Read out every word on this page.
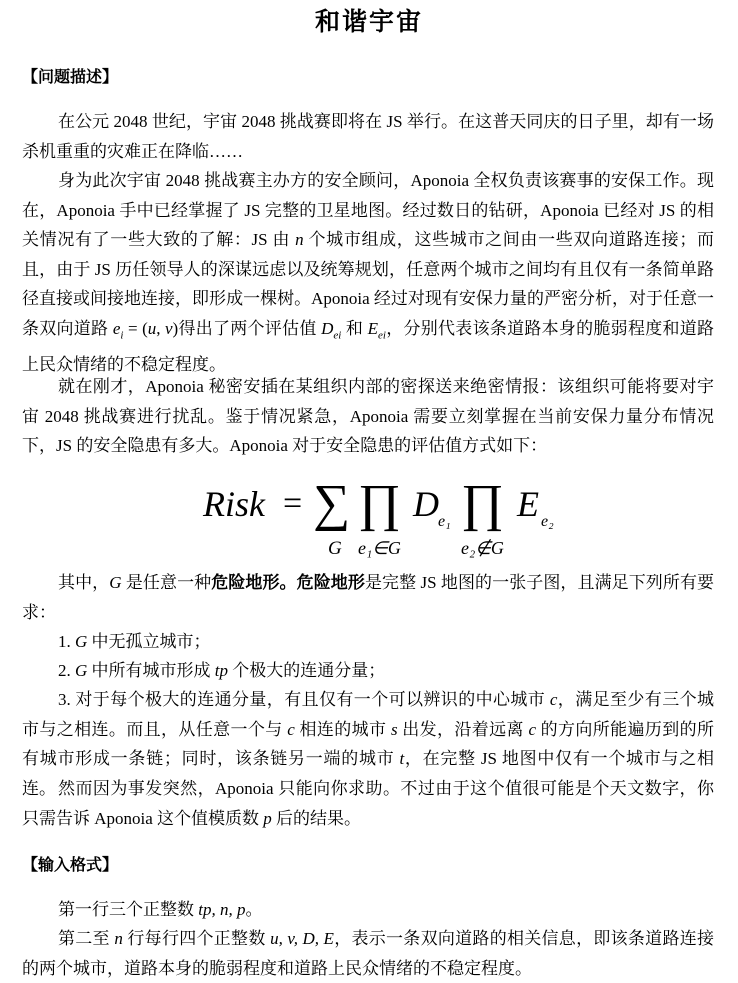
和谐宇宙
【问题描述】
在公元 2048 世纪，宇宙 2048 挑战赛即将在 JS 举行。在这普天同庆的日子里，却有一场杀机重重的灾难正在降临……
身为此次宇宙 2048 挑战赛主办方的安全顾问，Aponoia 全权负责该赛事的安保工作。现在，Aponoia 手中已经掌握了 JS 完整的卫星地图。经过数日的钻研，Aponoia 已经对 JS 的相关情况有了一些大致的了解：JS 由 n 个城市组成，这些城市之间由一些双向道路连接；而且，由于 JS 历任领导人的深谋远虑以及统筹规划，任意两个城市之间均有且仅有一条简单路径直接或间接地连接，即形成一棵树。Aponoia 经过对现有安保力量的严密分析，对于任意一条双向道路 $e_i = (u$, v)得出了两个评估值 $D_{ei}$ 和 $E_{ei}$，分别代表该条道路本身的脆弱程度和道路上民众情绪的不稳定程度。
就在刚才，Aponoia 秘密安插在某组织内部的密探送来绝密情报：该组织可能将要对宇宙 2048 挑战赛进行扰乱。鉴于情况紧急，Aponoia 需要立刻掌握在当前安保力量分布情况下，JS 的安全隐患有多大。Aponoia 对于安全隐患的评估值方式如下：
Risk = ∑
G
∏
e₁∈G
D e₁ ∏
e₂∉G
E e₂
其中，G 是任意一种危险地形。危险地形是完整 JS 地图的一张子图，且满足下列所有要求：
1. G 中无孤立城市；
2. G 中所有城市形成 tp 个极大的连通分量；
3. 对于每个极大的连通分量，有且仅有一个可以辨识的中心城市 c，满足至少有三个城市与之相连。而且，从任意一个与 c 相连的城市 s 出发，沿着远离 c 的方向所能遍历到的所有城市形成一条链；同时，该条链另一端的城市 t，在完整 JS 地图中仅有一个城市与之相连。 然而因为事发突然，Aponoia 只能向你求助。不过由于这个值很可能是个天文数字，你只需告诉 Aponoia 这个值模质数 p 后的结果。
【输入格式】
第一行三个正整数 tp, n, p。
第二至 n 行每行四个正整数 u, v, D, E，表示一条双向道路的相关信息，即该条道路连接的两个城市，道路本身的脆弱程度和道路上民众情绪的不稳定程度。
